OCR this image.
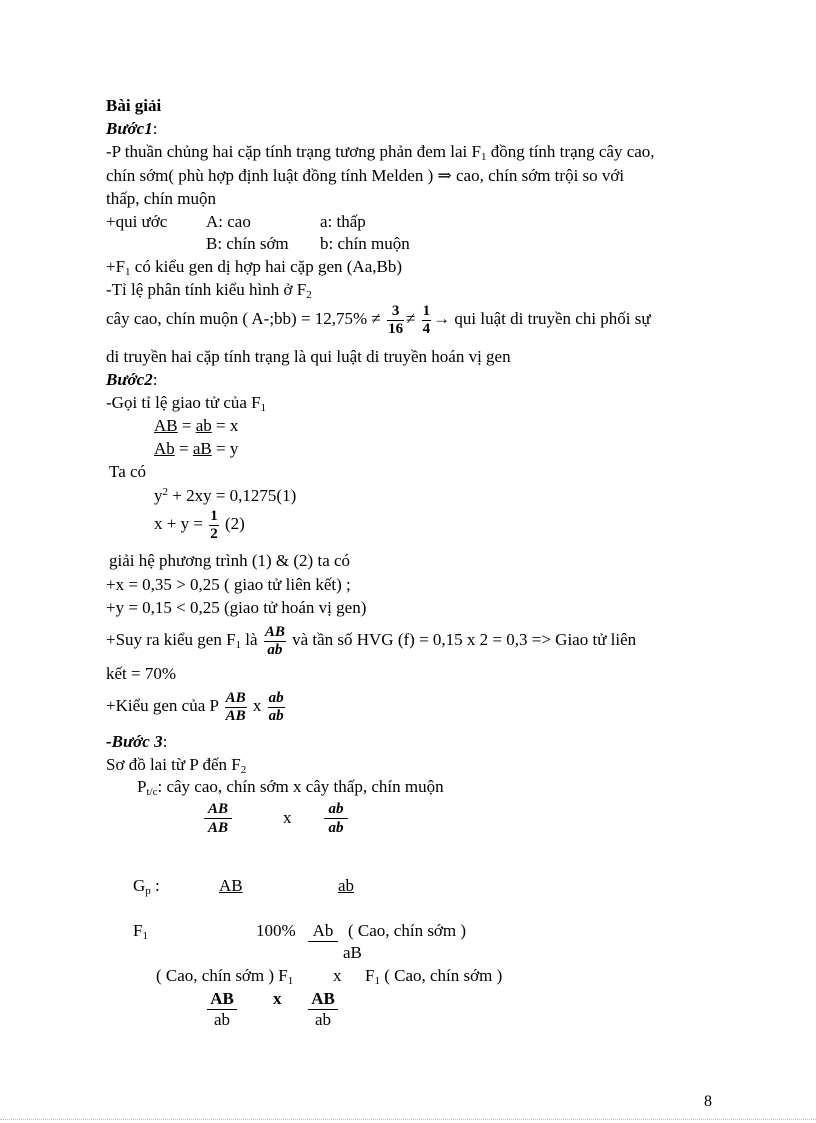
Bài giải
Bước1:
-P thuần chủng hai cặp tính trạng tương phản đem lai $F_1$ đồng tính trạng cây cao,
chín sớm( phù hợp định luật đồng tính Melden ) ⇒ cao, chín sớm trội so với
thấp, chín muộn
+qui ước A: cao	a: thấp
B: chín sớm b: chín muộn
$+F_1$ có kiểu gen dị hợp hai cặp gen (Aa,Bb)
-Tỉ lệ phân tính kiểu hình ở $F_2$
cây cao, chín muộn ( A-;bb) = $12,75\% \ne \frac{3}{16} \ne \frac{1}{4}$ → qui luật di truyền chi phối sự
di truyền hai cặp tính trạng là qui luật di truyền hoán vị gen
Bước2:
-Gọi tỉ lệ giao tử của $F_1$
AB = ab = x
Ab = aB = y
Ta có
$y^2 + 2xy = 0,1275(1)$
$x + y = \frac{1}{2} (2)$
giải hệ phương trình (1) & (2) ta có
+x = 0,35 > 0,25 ( giao tử liên kết) ;
+y = 0,15 < 0,25 (giao tử hoán vị gen)
+Suy ra kiểu gen $F_1$ là $\frac{AB}{ab}$ và tần số HVG (f) = 0,15 x 2 = 0,3 => Giao tử liên
kết = 70%
+Kiểu gen của P $\frac{AB}{AB}$ x $\frac{ab}{ab}$
-Bước 3:
Sơ đồ lai từ P đến $F_2$
$P_{t/c}$: cây cao, chín sớm x cây thấp, chín muộn
AB
AB
x	ab
ab
$G_p$ :	AB	ab
$F_1$	100% Ab
aB
( Cao, chín sớm )
( Cao, chín sớm ) $F_1$ x $F_1$ ( Cao, chín sớm )
AB
ab
x AB
ab
8
